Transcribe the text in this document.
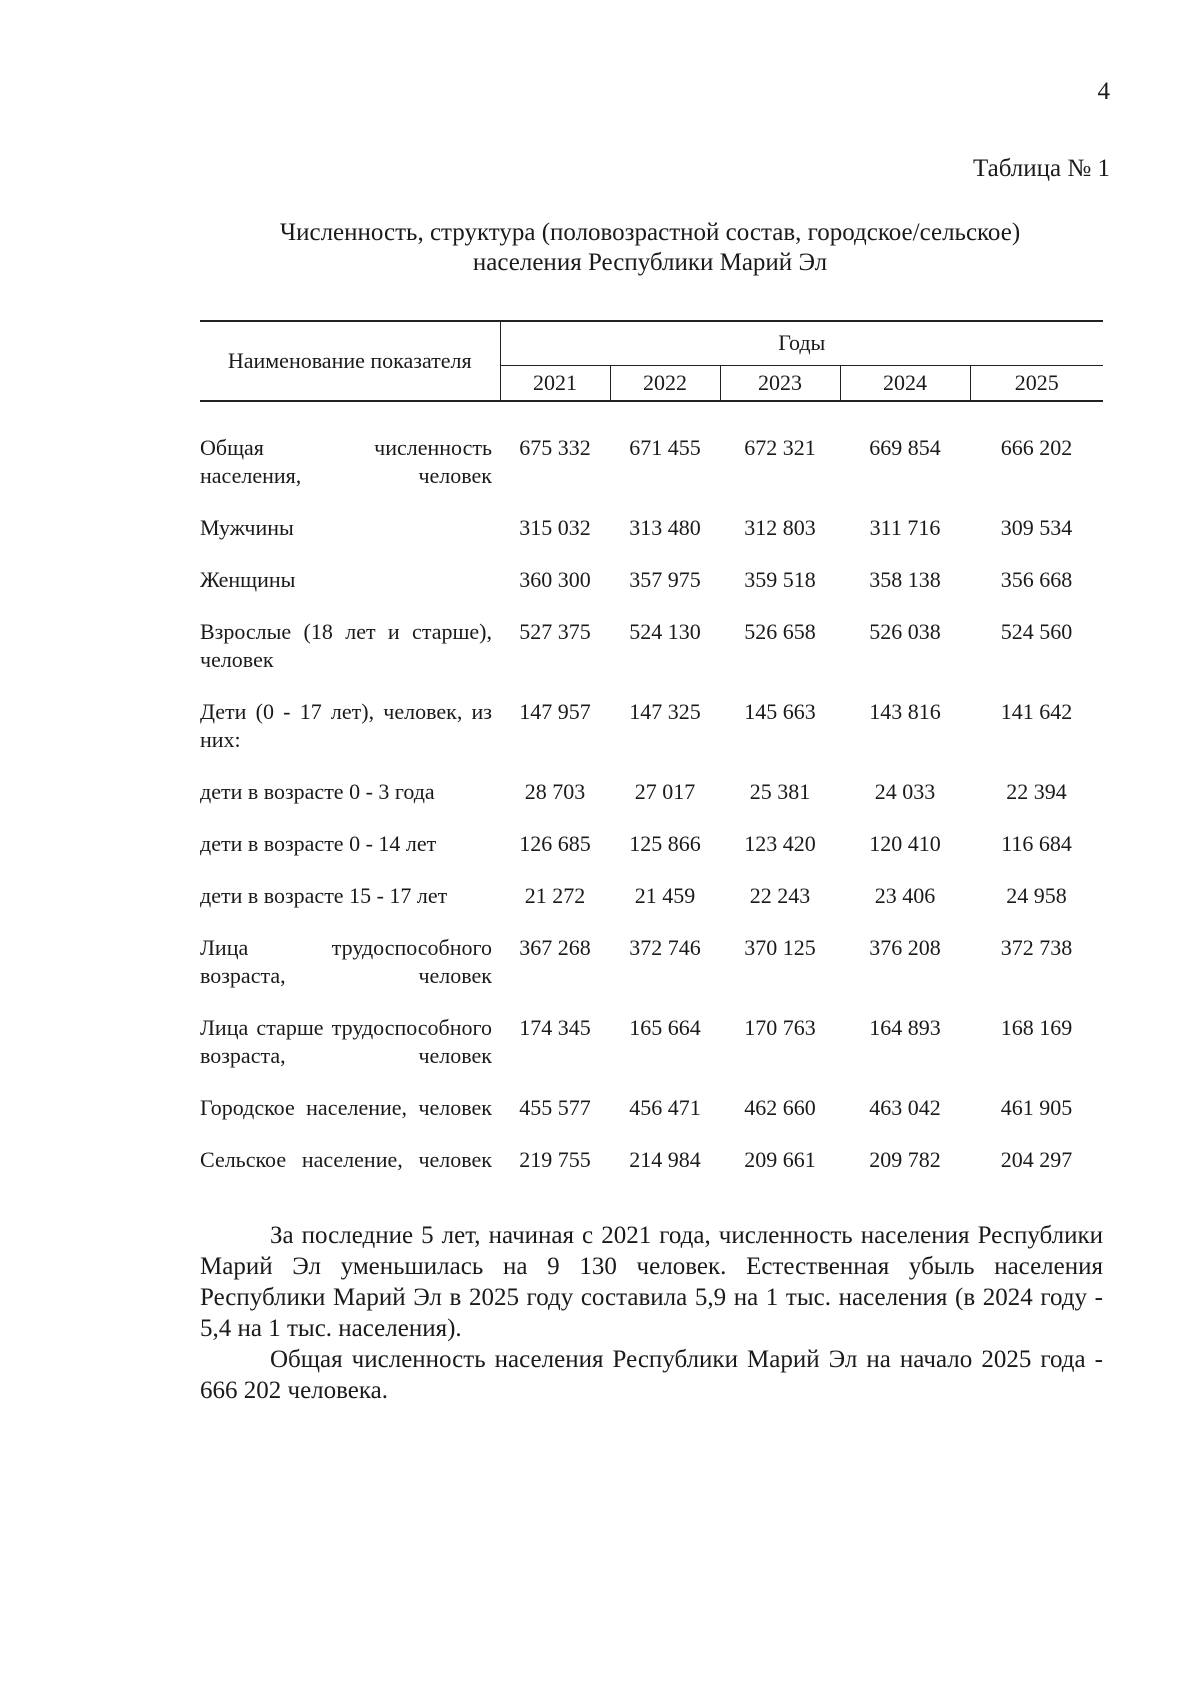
4
Таблица № 1
Численность, структура (половозрастной состав, городское/сельское)
населения Республики Марий Эл
Наименование показателя	Годы				
	2021	2022	2023	2024	2025

Общая численность населения, человек	675 332	671 455	672 321	669 854	666 202

Мужчины	315 032	313 480	312 803	311 716	309 534

Женщины	360 300	357 975	359 518	358 138	356 668

Взрослые (18 лет и старше), человек	527 375	524 130	526 658	526 038	524 560

Дети (0 - 17 лет), человек, из них:	147 957	147 325	145 663	143 816	141 642

дети в возрасте 0 - 3 года	28 703	27 017	25 381	24 033	22 394

дети в возрасте 0 - 14 лет	126 685	125 866	123 420	120 410	116 684

дети в возрасте 15 - 17 лет	21 272	21 459	22 243	23 406	24 958

Лица трудоспособного возраста, человек	367 268	372 746	370 125	376 208	372 738

Лица старше трудоспособного возраста, человек	174 345	165 664	170 763	164 893	168 169

Городское население, человек	455 577	456 471	462 660	463 042	461 905

Сельское население, человек	219 755	214 984	209 661	209 782	204 297
За последние 5 лет, начиная с 2021 года, численность населения Республики Марий Эл уменьшилась на 9 130 человек. Естественная убыль населения Республики Марий Эл в 2025 году составила 5,9 на 1 тыс. населения (в 2024 году - 5,4 на 1 тыс. населения).
Общая численность населения Республики Марий Эл на начало 2025 года - 666 202 человека.
